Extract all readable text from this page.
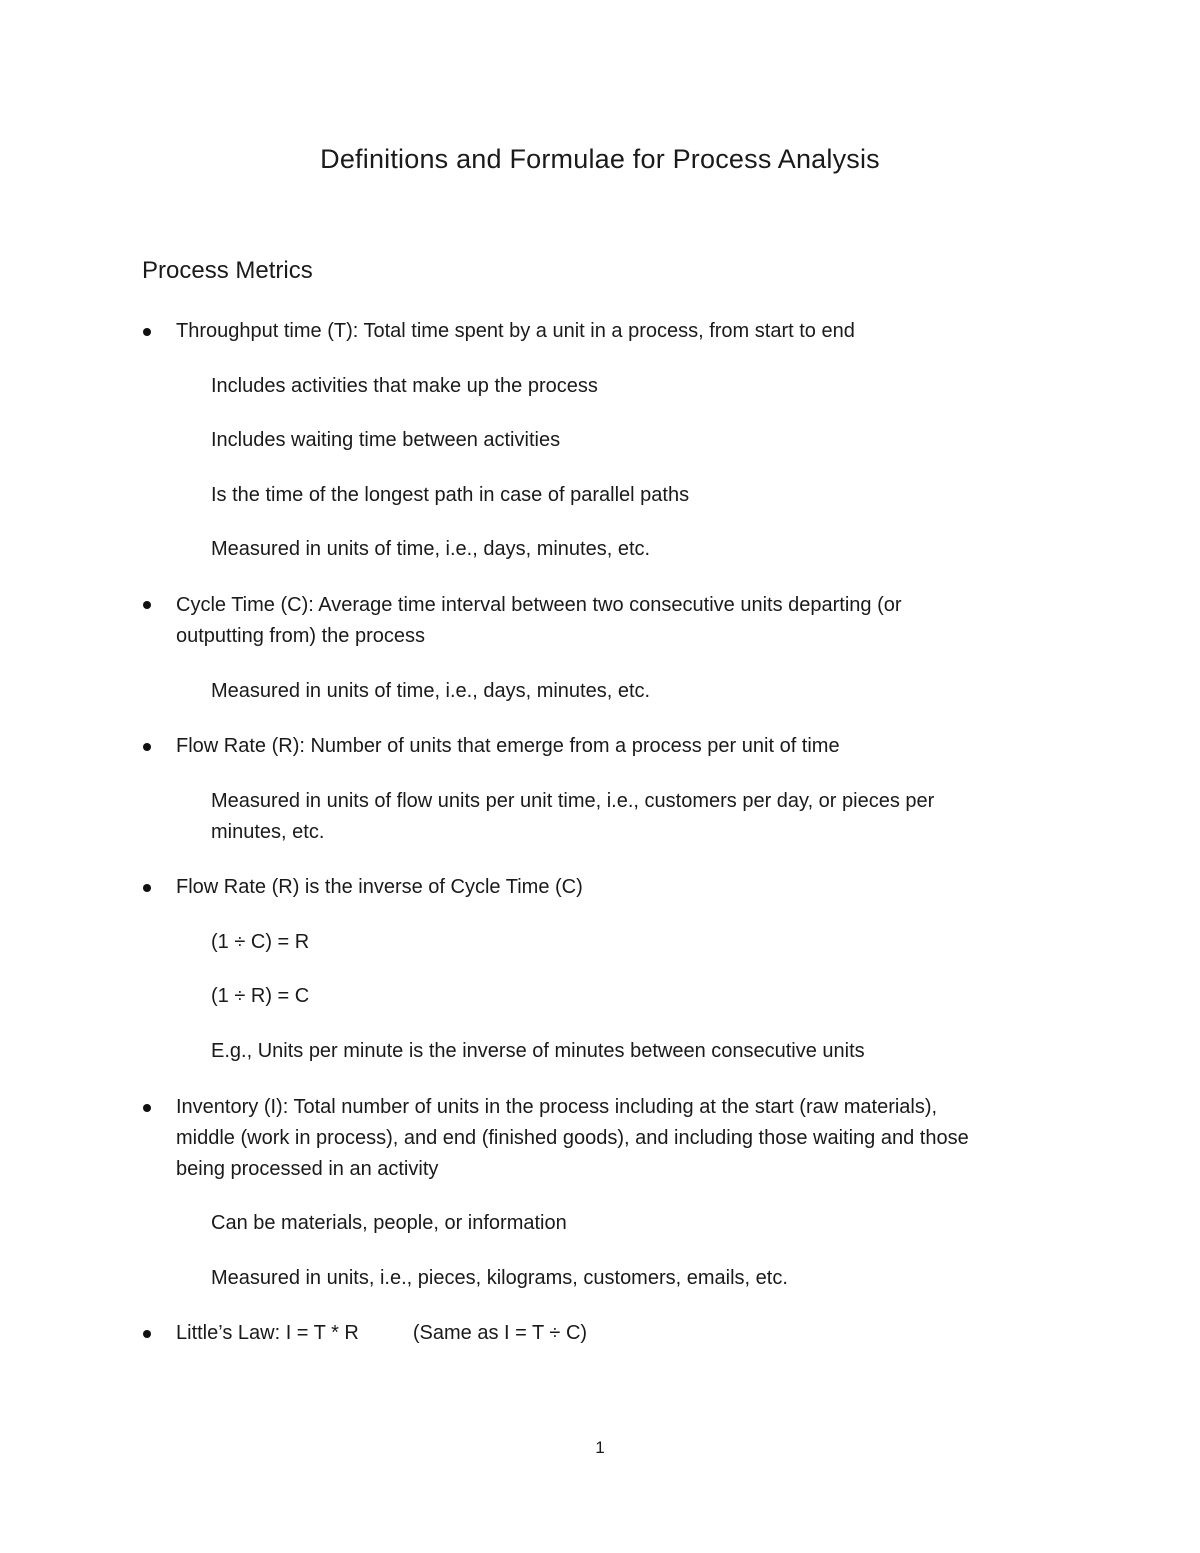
Definitions and Formulae for Process Analysis
Process Metrics
Throughput time (T): Total time spent by a unit in a process, from start to end
Includes activities that make up the process
Includes waiting time between activities
Is the time of the longest path in case of parallel paths
Measured in units of time, i.e., days, minutes, etc.
Cycle Time (C): Average time interval between two consecutive units departing (or
outputting from) the process
Measured in units of time, i.e., days, minutes, etc.
Flow Rate (R): Number of units that emerge from a process per unit of time
Measured in units of flow units per unit time, i.e., customers per day, or pieces per
minutes, etc.
Flow Rate (R) is the inverse of Cycle Time (C)
(1 ÷ C) = R
(1 ÷ R) = C
E.g., Units per minute is the inverse of minutes between consecutive units
Inventory (I): Total number of units in the process including at the start (raw materials),
middle (work in process), and end (finished goods), and including those waiting and those
being processed in an activity
Can be materials, people, or information
Measured in units, i.e., pieces, kilograms, customers, emails, etc.
Little’s Law: I = T * R	(Same as I = T ÷ C)
1
